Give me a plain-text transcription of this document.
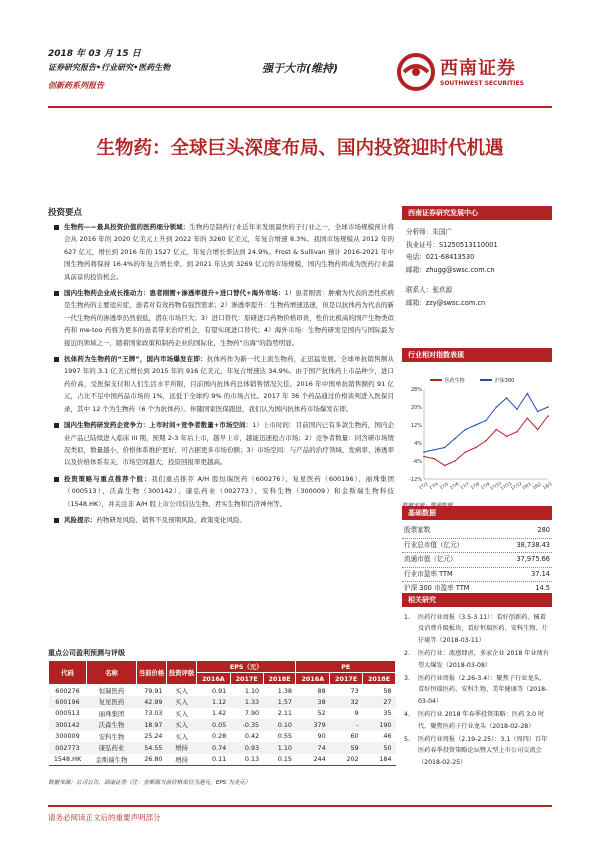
2018 年 03 月 15 日
证券研究报告•行业研究•医药生物
创新药系列报告
强于大市(维持)	西南证券
SOUTHWEST SECURITIES
生物药：全球巨头深度布局、国内投资迎时代机遇
投资要点
生物药——最具投资价值的医药细分领域：生物药是制药行业近年来发展最快的子行业之一，全球市场规模预计将会从 2016 年的 2020 亿美元上升到 2022 年的 3260 亿美元，年复合增速 8.3%。我国市场规模从 2012 年的 627 亿元，增长到 2016 年的 1527 亿元，年复合增长率达到 24.9%。Frost & Sullivan 预计 2016-2021 年中国生物药将保持 16.4%的年复合增长率，到 2021 年达到 3269 亿元的市场规模，国内生物药将成为医药行业最具前景的投资机会。
国内生物药企业成长推动力：患者刚需+渗透率提升+进口替代+海外市场：1）患者刚需：肿瘤为代表的恶性疾病是生物药的主要适应症，患者对有效药物有强烈需求；2）渗透率提升：生物药增速迅速，但是以抗体药为代表的新一代生物药的渗透率仍然很低，潜在市场巨大；3）进口替代：原研进口药物价格昂贵，性价比极高的国产生物类似药和 me-too 药将为更多的患者带来治疗机会，有望实现进口替代；4）海外市场：生物药研发是国内与国际最为接近的领域之一，随着国家政策和制药企业的国际化，生物药“出海”的趋势明显。
抗体药为生物药的“王牌”，国内市场爆发在即：抗体药作为新一代主流生物药，正迅猛发展。全球单抗销售额从 1997 年的 3.1 亿美元增长到 2015 年的 916 亿美元，年复合增速达 34.9%。由于国产抗体药上市品种少，进口药价高，受医保支付和人们生活水平所限，目前国内抗体药总体销售情况欠佳。2016 年中国单抗销售额约 91 亿元，占比不足中国药品市场的 1%，远低于全球约 9% 的市场占比。2017 年 36 个药品通过价格谈判进入医保目录，其中 12 个为生物药（6 个为抗体药）。伴随国家医保跟进，我们认为国内抗体药市场爆发在即。
国内生物药研发药企竞争力：上市时间+竞争者数量+市场空间：1）上市时间：目前国内已有多款生物药，国内企业产品已陆续进入临床 III 期，预期 2-3 年后上市，越早上市，越能迅速抢占市场；2）竞争者数量：同含研市场情况类似，数量越小，价格体系维护更好，可占据更多市场份额；3）市场空间：与产品的治疗领域、发病率、渗透率以及价格体系有关，市场空间越大，投资回报率更越高。
投资策略与重点推荐个股：我们重点推荐 A/H 股恒瑞医药（600276）、复星医药（600196）、丽珠集团（000513）、沃森生物（300142）、康弘药业（002773）、安科生物（300009）和金斯瑞生物科技（1548.HK），并关注非 A/H 股上市公司信达生物、君实生物和百济神州等。
风险提示：药物研发风险、销售不及预期风险、政策变化风险。
重点公司盈利预测与评级
代码	名称	当前价格	投资评级	EPS（元）			PE		
				2016A	2017E	2018E	2016A	2017E	2018E
600276	恒瑞医药	79.91	买入	0.91	1.10	1.38	88	73	58
600196	复星医药	42.99	买入	1.12	1.33	1.57	38	32	27
000513	丽珠集团	73.03	买入	1.42	7.90	2.11	52	9	35
300142	沃森生物	18.97	买入	0.05	-0.35	0.10	379	-	190
300009	安科生物	25.24	买入	0.28	0.42	0.55	90	60	46
002773	康弘药业	54.55	增持	0.74	0.93	1.10	74	59	50
1548.HK	金斯瑞生物	26.80	增持	0.11	0.13	0.15	244	202	184
数据来源：公司公告，西南证券（注：金斯瑞当前价格单位为港元，EPS 为美元）
西南证券研究发展中心
分析师：朱国广
执业证号：S1250513110001
电话：021-68413530
邮箱：zhugg@swsc.com.cn
联系人：张玖源
邮箱：zzy@swsc.com.cn
行业相对指数表现
医药生物
	沪深300
28%
20%
12%
4%
-4%
-12%
17/3 17/4 17/5 17/6 17/7 17/8 17/9
17/10
17/11
17/12
18/1 18/2 18/3
基础数据
股票家数	280
行业总市值（亿元）	38,738.43
流通市值（亿元）	37,975.66
行业市盈率 TTM	37.14
沪深 300 市盈率 TTM	14.5
相关研究
1.	医药行业周报（3.5-3.11）：看好创新药、械着及消费升级板块，看好恒瑞医药、安科生物、片仔癀等（2018-03-11）
2.	医药行业：流感肆虐，多家企业 2018 年业绩有望大爆发（2018-03-08）
3.	医药行业周报（2.26-3.4）：聚焦子行业龙头，看好恒瑞医药、安科生物、美年健康等（2018-03-04）
4.	医药行业 2018 年春季投资策略：医药 3.0 时代，聚焦医药子行业龙头（2018-02-28）
5.	医药行业周报（2.19-2.25）：3.1（周四）百年医药春季投资策略论坛暨大型上市公司交流会（2018-02-25）
请务必阅读正文后的重要声明部分
